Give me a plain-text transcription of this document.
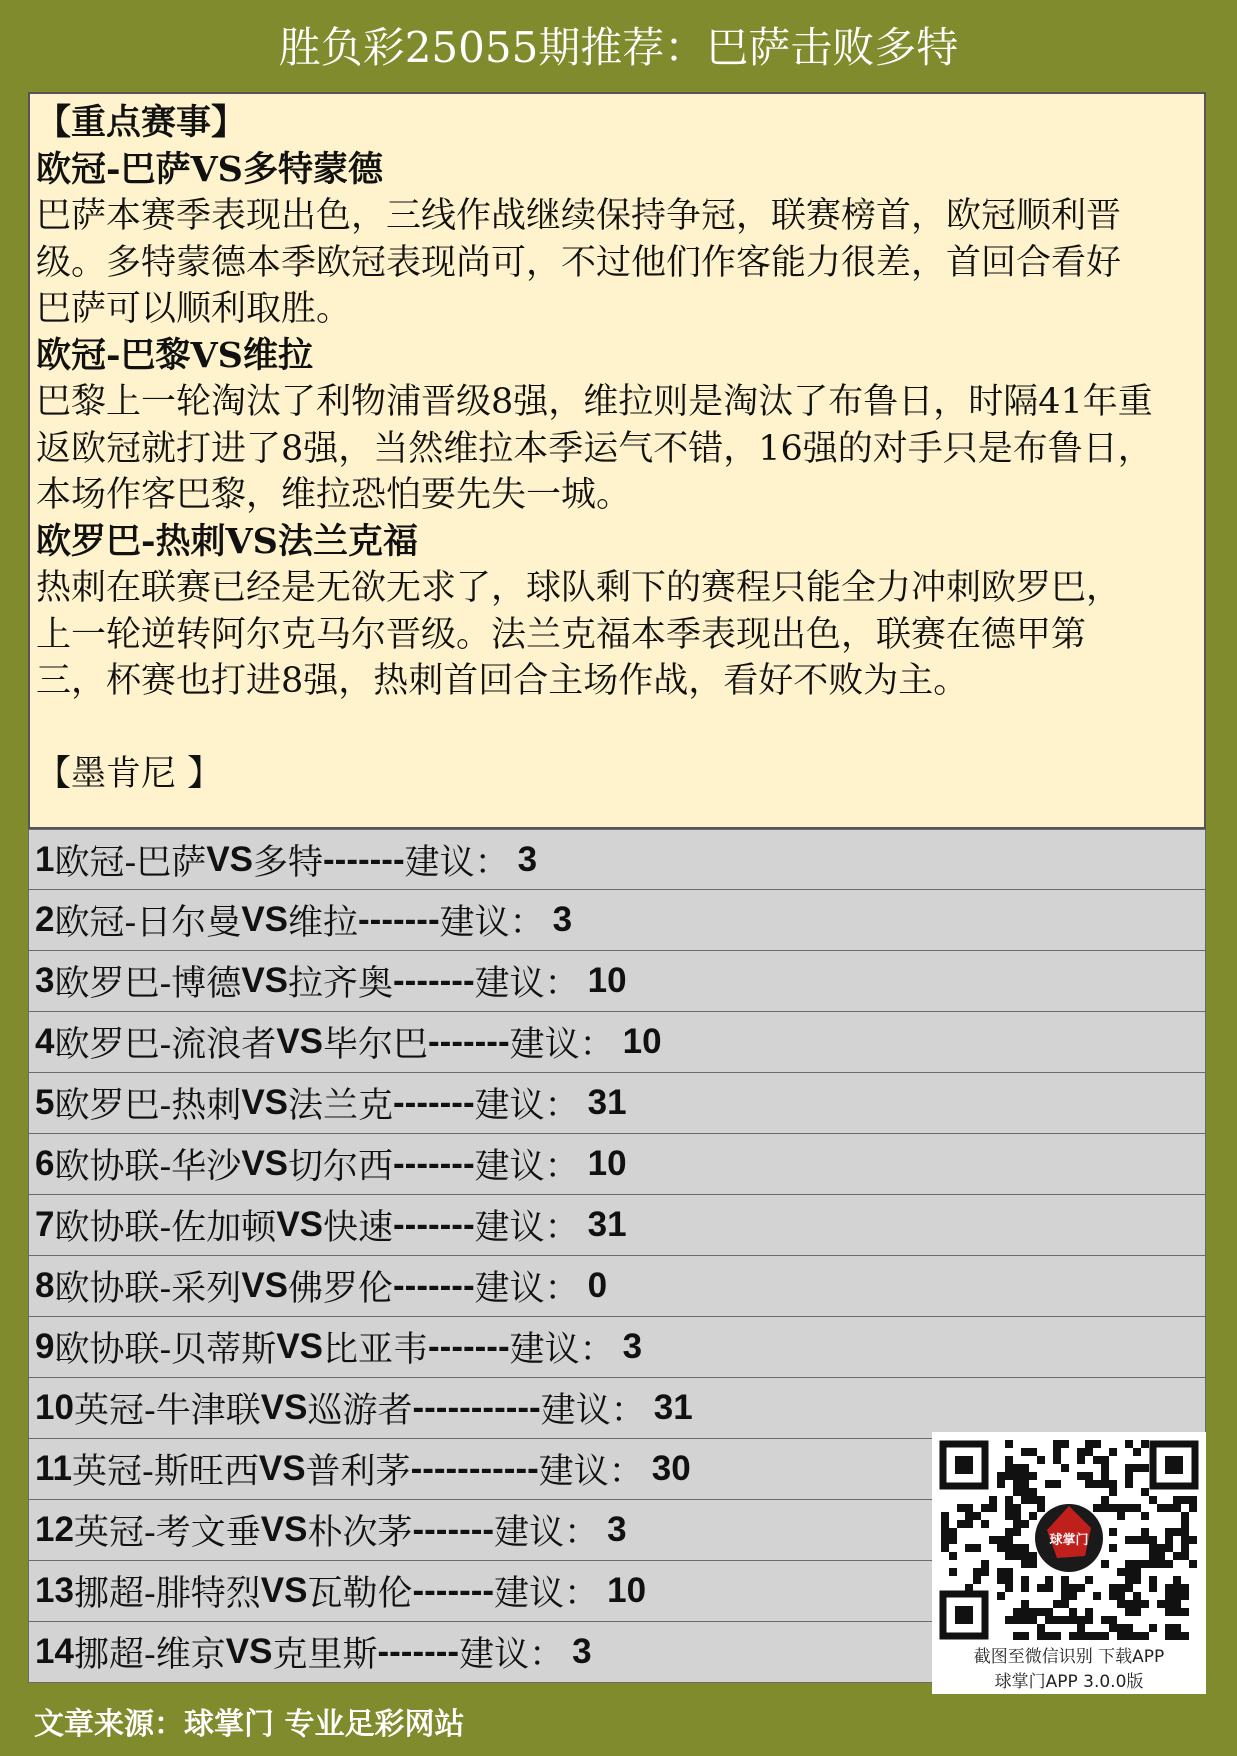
胜负彩25055期推荐：巴萨击败多特
【重点赛事】
欧冠-巴萨VS多特蒙德
巴萨本赛季表现出色，三线作战继续保持争冠，联赛榜首，欧冠顺利晋
级。多特蒙德本季欧冠表现尚可，不过他们作客能力很差，首回合看好
巴萨可以顺利取胜。
欧冠-巴黎VS维拉
巴黎上一轮淘汰了利物浦晋级8强，维拉则是淘汰了布鲁日，时隔41年重
返欧冠就打进了8强，当然维拉本季运气不错，16强的对手只是布鲁日，
本场作客巴黎，维拉恐怕要先失一城。
欧罗巴-热刺VS法兰克福
热刺在联赛已经是无欲无求了，球队剩下的赛程只能全力冲刺欧罗巴，
上一轮逆转阿尔克马尔晋级。法兰克福本季表现出色，联赛在德甲第
三，杯赛也打进8强，热刺首回合主场作战，看好不败为主。
【墨肯尼 】
1 欧冠- 巴萨 VS 多特 ------- 建议： 3
2 欧冠- 日尔曼 VS 维拉 ------- 建议： 3
3 欧罗巴- 博德 VS 拉齐奥 ------- 建议： 10
4 欧罗巴- 流浪者 VS 毕尔巴 ------- 建议： 10
5 欧罗巴- 热刺 VS 法兰克 ------- 建议： 31
6 欧协联- 华沙 VS 切尔西 ------- 建议： 10
7 欧协联- 佐加顿 VS 快速 ------- 建议： 31
8 欧协联- 采列 VS 佛罗伦 ------- 建议： 0
9 欧协联- 贝蒂斯 VS 比亚韦 ------- 建议： 3
10 英冠- 牛津联 VS 巡游者 ----------- 建议： 31
11 英冠- 斯旺西 VS 普利茅 ----------- 建议： 30
12 英冠- 考文垂 VS 朴次茅 ------- 建议： 3
13 挪超- 腓特烈 VS 瓦勒伦 ------- 建议： 10
14 挪超- 维京 VS 克里斯 ------- 建议： 3
球掌门
截图至微信识别 下载APP
球掌门APP 3.0.0版
文章来源：球掌门 专业足彩网站
